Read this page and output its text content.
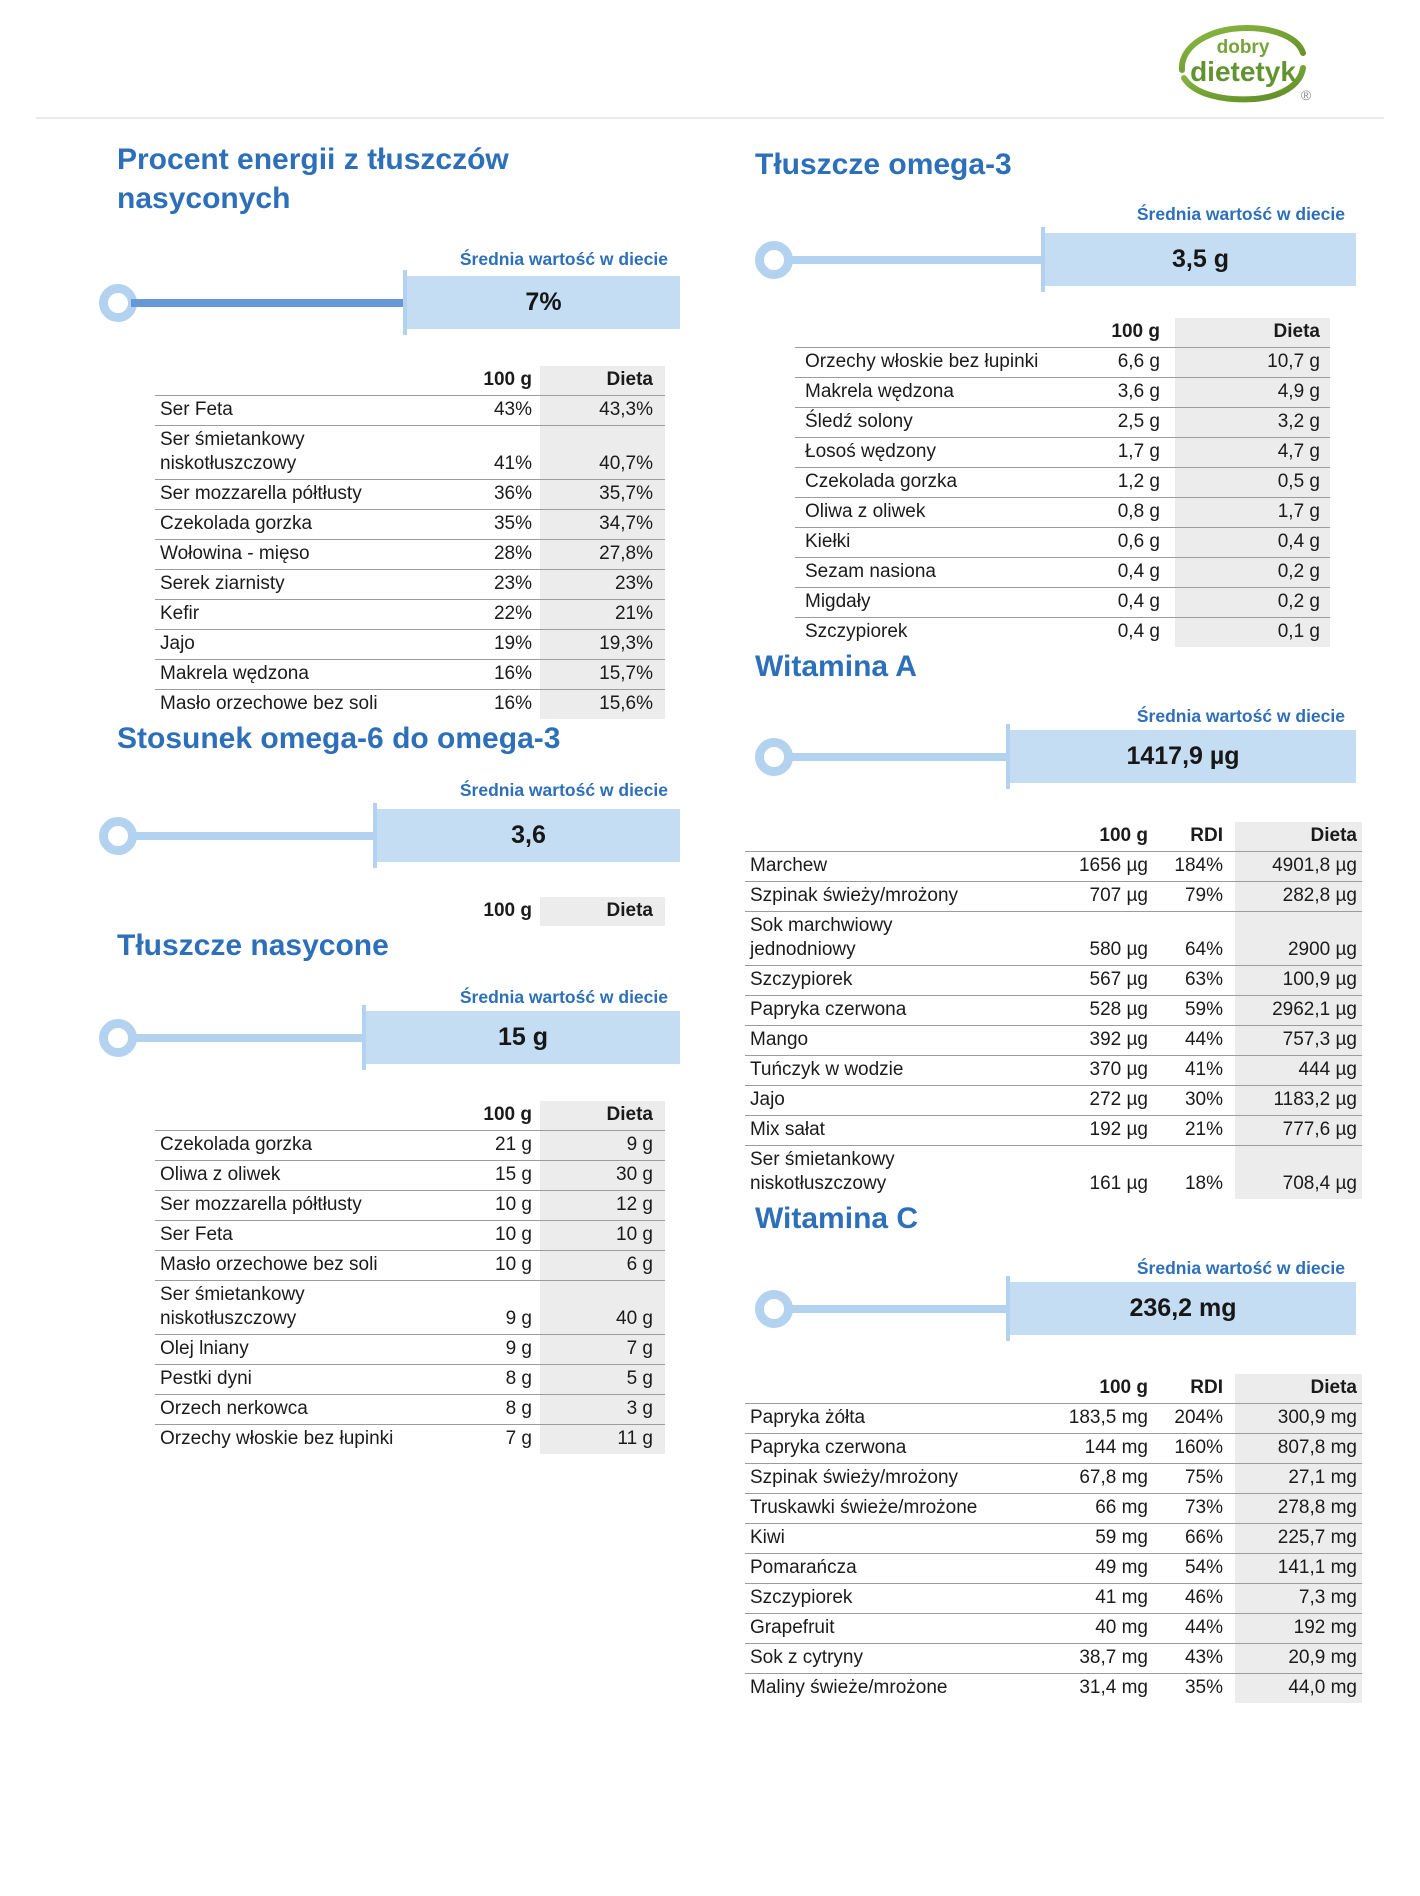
dobry
dietetyk
®
Procent energii z tłuszczów nasyconych
Średnia wartość w diecie
7%
	100 g		Dieta
Ser Feta	43%		43,3%
Ser śmietankowy niskotłuszczowy	41%		40,7%
Ser mozzarella półtłusty	36%		35,7%
Czekolada gorzka	35%		34,7%
Wołowina - mięso	28%		27,8%
Serek ziarnisty	23%		23%
Kefir	22%		21%
Jajo	19%		19,3%
Makrela wędzona	16%		15,7%
Masło orzechowe bez soli	16%		15,6%
Stosunek omega-6 do omega-3
Średnia wartość w diecie
3,6
	100 g		Dieta
Tłuszcze nasycone
Średnia wartość w diecie
15 g
	100 g		Dieta
Czekolada gorzka	21 g		9 g
Oliwa z oliwek	15 g		30 g
Ser mozzarella półtłusty	10 g		12 g
Ser Feta	10 g		10 g
Masło orzechowe bez soli	10 g		6 g
Ser śmietankowy niskotłuszczowy	9 g		40 g
Olej lniany	9 g		7 g
Pestki dyni	8 g		5 g
Orzech nerkowca	8 g		3 g
Orzechy włoskie bez łupinki	7 g		11 g
Tłuszcze omega-3
Średnia wartość w diecie
3,5 g
	100 g		Dieta
Orzechy włoskie bez łupinki	6,6 g		10,7 g
Makrela wędzona	3,6 g		4,9 g
Śledź solony	2,5 g		3,2 g
Łosoś wędzony	1,7 g		4,7 g
Czekolada gorzka	1,2 g		0,5 g
Oliwa z oliwek	0,8 g		1,7 g
Kiełki	0,6 g		0,4 g
Sezam nasiona	0,4 g		0,2 g
Migdały	0,4 g		0,2 g
Szczypiorek	0,4 g		0,1 g
Witamina A
Średnia wartość w diecie
1417,9 µg
	100 g	RDI		Dieta
Marchew	1656 µg	184%		4901,8 µg
Szpinak świeży/mrożony	707 µg	79%		282,8 µg
Sok marchwiowy jednodniowy	580 µg	64%		2900 µg
Szczypiorek	567 µg	63%		100,9 µg
Papryka czerwona	528 µg	59%		2962,1 µg
Mango	392 µg	44%		757,3 µg
Tuńczyk w wodzie	370 µg	41%		444 µg
Jajo	272 µg	30%		1183,2 µg
Mix sałat	192 µg	21%		777,6 µg
Ser śmietankowy niskotłuszczowy	161 µg	18%		708,4 µg
Witamina C
Średnia wartość w diecie
236,2 mg
	100 g	RDI		Dieta
Papryka żółta	183,5 mg	204%		300,9 mg
Papryka czerwona	144 mg	160%		807,8 mg
Szpinak świeży/mrożony	67,8 mg	75%		27,1 mg
Truskawki świeże/mrożone	66 mg	73%		278,8 mg
Kiwi	59 mg	66%		225,7 mg
Pomarańcza	49 mg	54%		141,1 mg
Szczypiorek	41 mg	46%		7,3 mg
Grapefruit	40 mg	44%		192 mg
Sok z cytryny	38,7 mg	43%		20,9 mg
Maliny świeże/mrożone	31,4 mg	35%		44,0 mg
